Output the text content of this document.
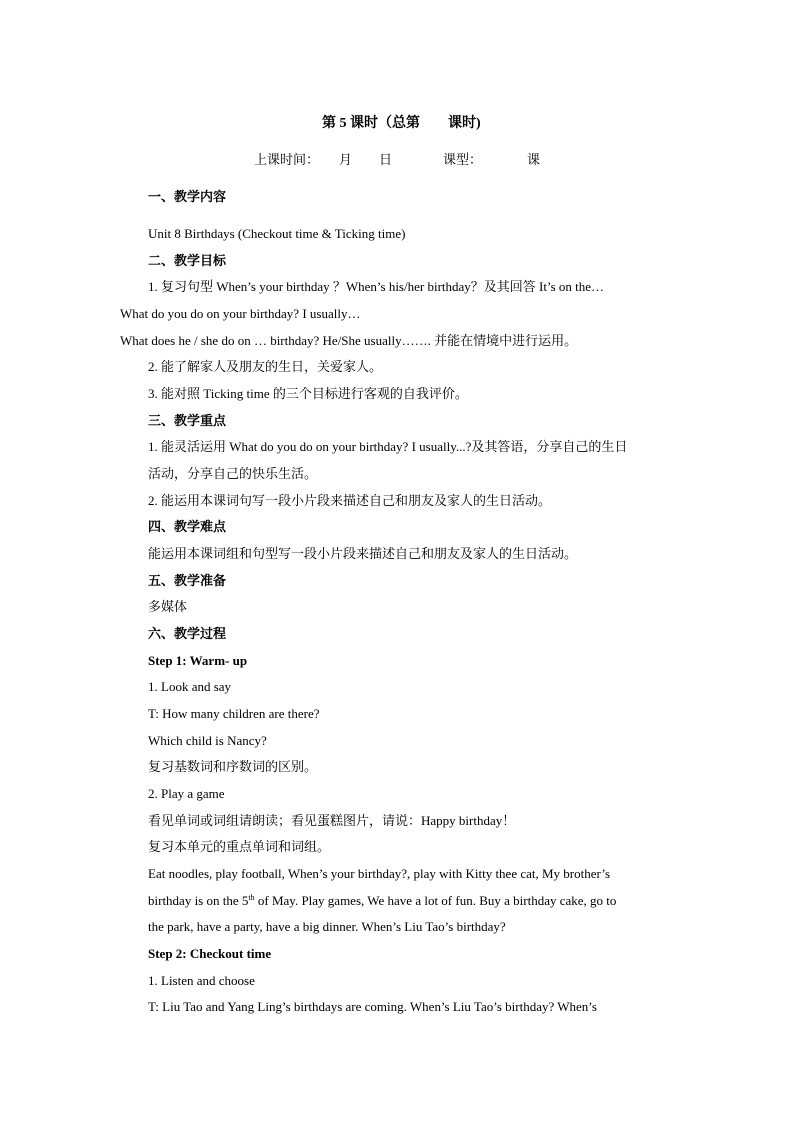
第 5 课时（总第　　课时)
上课时间： 月 日	课型：	课
一、教学内容
Unit 8 Birthdays (Checkout time & Ticking time)
二、教学目标
1. 复习句型 When’s your birthday ？When’s his/her birthday？及其回答 It’s on the…
What do you do on your birthday? I usually…
What does he / she do on … birthday? He/She usually……. 并能在情境中进行运用。
2. 能了解家人及朋友的生日，关爱家人。
3. 能对照 Ticking time 的三个目标进行客观的自我评价。
三、教学重点
1. 能灵活运用 What do you do on your birthday? I usually...?及其答语，分享自己的生日
活动，分享自己的快乐生活。
2. 能运用本课词句写一段小片段来描述自己和朋友及家人的生日活动。
四、教学难点
能运用本课词组和句型写一段小片段来描述自己和朋友及家人的生日活动。
五、教学准备
多媒体
六、教学过程
Step 1: Warm- up
1. Look and say
T: How many children are there?
Which child is Nancy?
复习基数词和序数词的区别。
2. Play a game
看见单词或词组请朗读；看见蛋糕图片，请说：Happy birthday！
复习本单元的重点单词和词组。
Eat noodles, play football, When’s your birthday?, play with Kitty thee cat, My brother’s
birthday is on the 5th of May. Play games, We have a lot of fun. Buy a birthday cake, go to
the park, have a party, have a big dinner. When’s Liu Tao’s birthday?
Step 2: Checkout time
1. Listen and choose
T: Liu Tao and Yang Ling’s birthdays are coming. When’s Liu Tao’s birthday? When’s
